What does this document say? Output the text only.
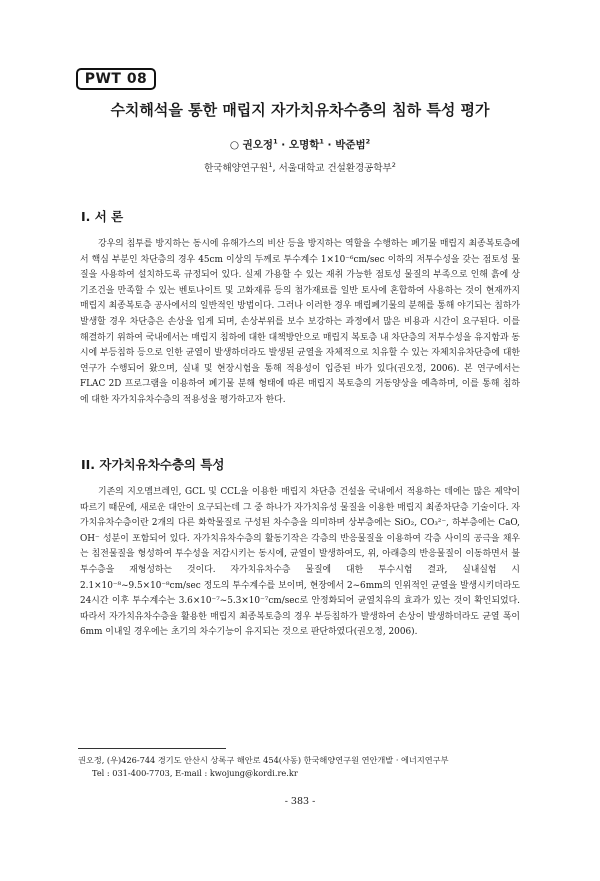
PWT 08
수치해석을 통한 매립지 자가치유차수층의 침하 특성 평가
○ 권오정$^1$ · 오명학$^1$ · 박준범$^2$
한국해양연구원$^1$, 서울대학교 건설환경공학부$^2$
I. 서 론

강우의 침투를 방지하는 동시에 유해가스의 비산 등을 방지하는 역할을 수행하는 폐기물 매립지 최종복토층에서 핵심 부분인 차단층의 경우 45cm 이상의 두께로 투수계수 1×10⁻⁶cm/sec 이하의 저투수성을 갖는 점토성 물질을 사용하여 설치하도록 규정되어 있다. 실제 가용할 수 있는 재취 가능한 점토성 물질의 부족으로 인해 흙에 상기조건을 만족할 수 있는 벤토나이트 및 고화재류 등의 첨가재료를 일반 토사에 혼합하여 사용하는 것이 현재까지 매립지 최종복토층 공사에서의 일반적인 방법이다. 그러나 이러한 경우 매립폐기물의 분해를 통해 야기되는 침하가 발생할 경우 차단층은 손상을 입게 되며, 손상부위를 보수 보강하는 과정에서 많은 비용과 시간이 요구된다. 이를 해결하기 위하여 국내에서는 매립지 침하에 대한 대책방안으로 매립지 복토층 내 차단층의 저투수성을 유지함과 동시에 부등침하 등으로 인한 균열이 발생하더라도 발생된 균열을 자체적으로 치유할 수 있는 자체치유차단층에 대한 연구가 수행되어 왔으며, 실내 및 현장시험을 통해 적용성이 입증된 바가 있다(권오정, 2006). 본 연구에서는 FLAC 2D 프로그램을 이용하여 폐기물 분해 형태에 따른 매립지 복토층의 거동양상을 예측하며, 이를 통해 침하에 대한 자가치유차수층의 적용성을 평가하고자 한다.

II. 자가치유차수층의 특성

기존의 지오멤브레인, GCL 및 CCL을 이용한 매립지 차단층 건설을 국내에서 적용하는 데에는 많은 제약이 따르기 때문에, 새로운 대안이 요구되는데 그 중 하나가 자가치유성 물질을 이용한 매립지 최종차단층 기술이다. 자가치유차수층이란 2개의 다른 화학물질로 구성된 차수층을 의미하며 상부층에는 SiO₂, CO₃²⁻, 하부층에는 CaO, OH⁻ 성분이 포함되어 있다. 자가치유차수층의 활동기작은 각층의 반응물질을 이용하여 각층 사이의 공극을 채우는 침전물질을 형성하여 투수성을 저감시키는 동시에, 균열이 발생하여도, 위, 아래층의 반응물질이 이동하면서 불투수층을 재형성하는 것이다. 자가치유차수층 물질에 대한 투수시험 결과, 실내실험 시 2.1×10⁻⁸~9.5×10⁻⁸cm/sec 정도의 투수계수를 보이며, 현장에서 2~6mm의 인위적인 균열을 발생시키더라도 24시간 이후 투수계수는 3.6×10⁻⁷~5.3×10⁻⁷cm/sec로 안정화되어 균열치유의 효과가 있는 것이 확인되었다. 따라서 자가치유차수층을 활용한 매립지 최종복토층의 경우 부등침하가 발생하여 손상이 발생하더라도 균열 폭이 6mm 이내일 경우에는 초기의 차수기능이 유지되는 것으로 판단하였다(권오정, 2006).

권오정, (우)426-744 경기도 안산시 상록구 해안로 454(사동) 한국해양연구원 연안개발 · 에너지연구부
Tel : 031-400-7703, E-mail : kwojung@kordi.re.kr
- 383 -
